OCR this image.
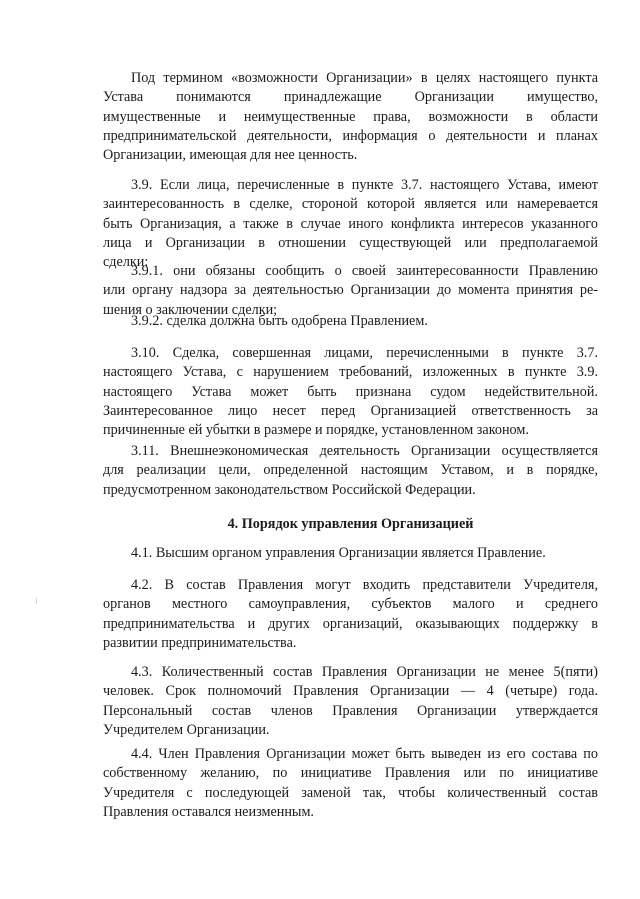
Под термином «возможности Организации» в целях настоящего пункта
Устава понимаются принадлежащие Организации имущество,
имущественные и неимущественные права, возможности в области
предпринимательской деятельности, информация о деятельности и планах
Организации, имеющая для нее ценность.
3.9. Если лица, перечисленные в пункте 3.7. настоящего Устава, имеют
заинтересованность в сделке, стороной которой является или намеревается
быть Организация, а также в случае иного конфликта интересов указанного
лица и Организации в отношении существующей или предполагаемой
сделки:
3.9.1. они обязаны сообщить о своей заинтересованности Правлению
или органу надзора за деятельностью Организации до момента принятия ре-
шения о заключении сделки;
3.9.2. сделка должна быть одобрена Правлением.
3.10. Сделка, совершенная лицами, перечисленными в пункте 3.7.
настоящего Устава, с нарушением требований, изложенных в пункте 3.9.
настоящего Устава может быть признана судом недействительной.
Заинтересованное лицо несет перед Организацией ответственность за
причиненные ей убытки в размере и порядке, установленном законом.
3.11. Внешнеэкономическая деятельность Организации осуществляется
для реализации цели, определенной настоящим Уставом, и в порядке,
предусмотренном законодательством Российской Федерации.
4. Порядок управления Организацией
4.1. Высшим органом управления Организации является Правление.
4.2. В состав Правления могут входить представители Учредителя,
органов местного самоуправления, субъектов малого и среднего
предпринимательства и других организаций, оказывающих поддержку в
развитии предпринимательства.
4.3. Количественный состав Правления Организации не менее 5(пяти)
человек. Срок полномочий Правления Организации — 4 (четыре) года.
Персональный состав членов Правления Организации утверждается
Учредителем Организации.
4.4. Член Правления Организации может быть выведен из его состава по
собственному желанию, по инициативе Правления или по инициативе
Учредителя с последующей заменой так, чтобы количественный состав
Правления оставался неизменным.
